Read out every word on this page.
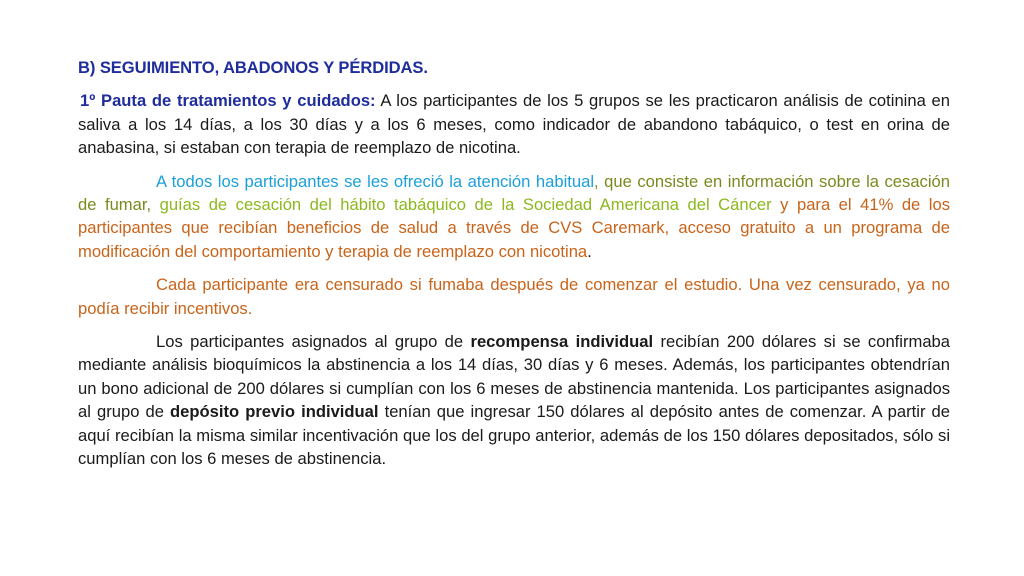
B) SEGUIMIENTO, ABADONOS Y PÉRDIDAS.

1º Pauta de tratamientos y cuidados: A los participantes de los 5 grupos se les practicaron análisis de cotinina en saliva a los 14 días, a los 30 días y a los 6 meses, como indicador de abandono tabáquico, o test en orina de anabasina, si estaban con terapia de reemplazo de nicotina.

A todos los participantes se les ofreció la atención habitual, que consiste en información sobre la cesación de fumar, guías de cesación del hábito tabáquico de la Sociedad Americana del Cáncer y para el 41% de los participantes que recibían beneficios de salud a través de CVS Caremark, acceso gratuito a un programa de modificación del comportamiento y terapia de reemplazo con nicotina.

Cada participante era censurado si fumaba después de comenzar el estudio. Una vez censurado, ya no podía recibir incentivos.

Los participantes asignados al grupo de recompensa individual recibían 200 dólares si se confirmaba mediante análisis bioquímicos la abstinencia a los 14 días, 30 días y 6 meses. Además, los participantes obtendrían un bono adicional de 200 dólares si cumplían con los 6 meses de abstinencia mantenida. Los participantes asignados al grupo de depósito previo individual tenían que ingresar 150 dólares al depósito antes de comenzar. A partir de aquí recibían la misma similar incentivación que los del grupo anterior, además de los 150 dólares depositados, sólo si cumplían con los 6 meses de abstinencia.
